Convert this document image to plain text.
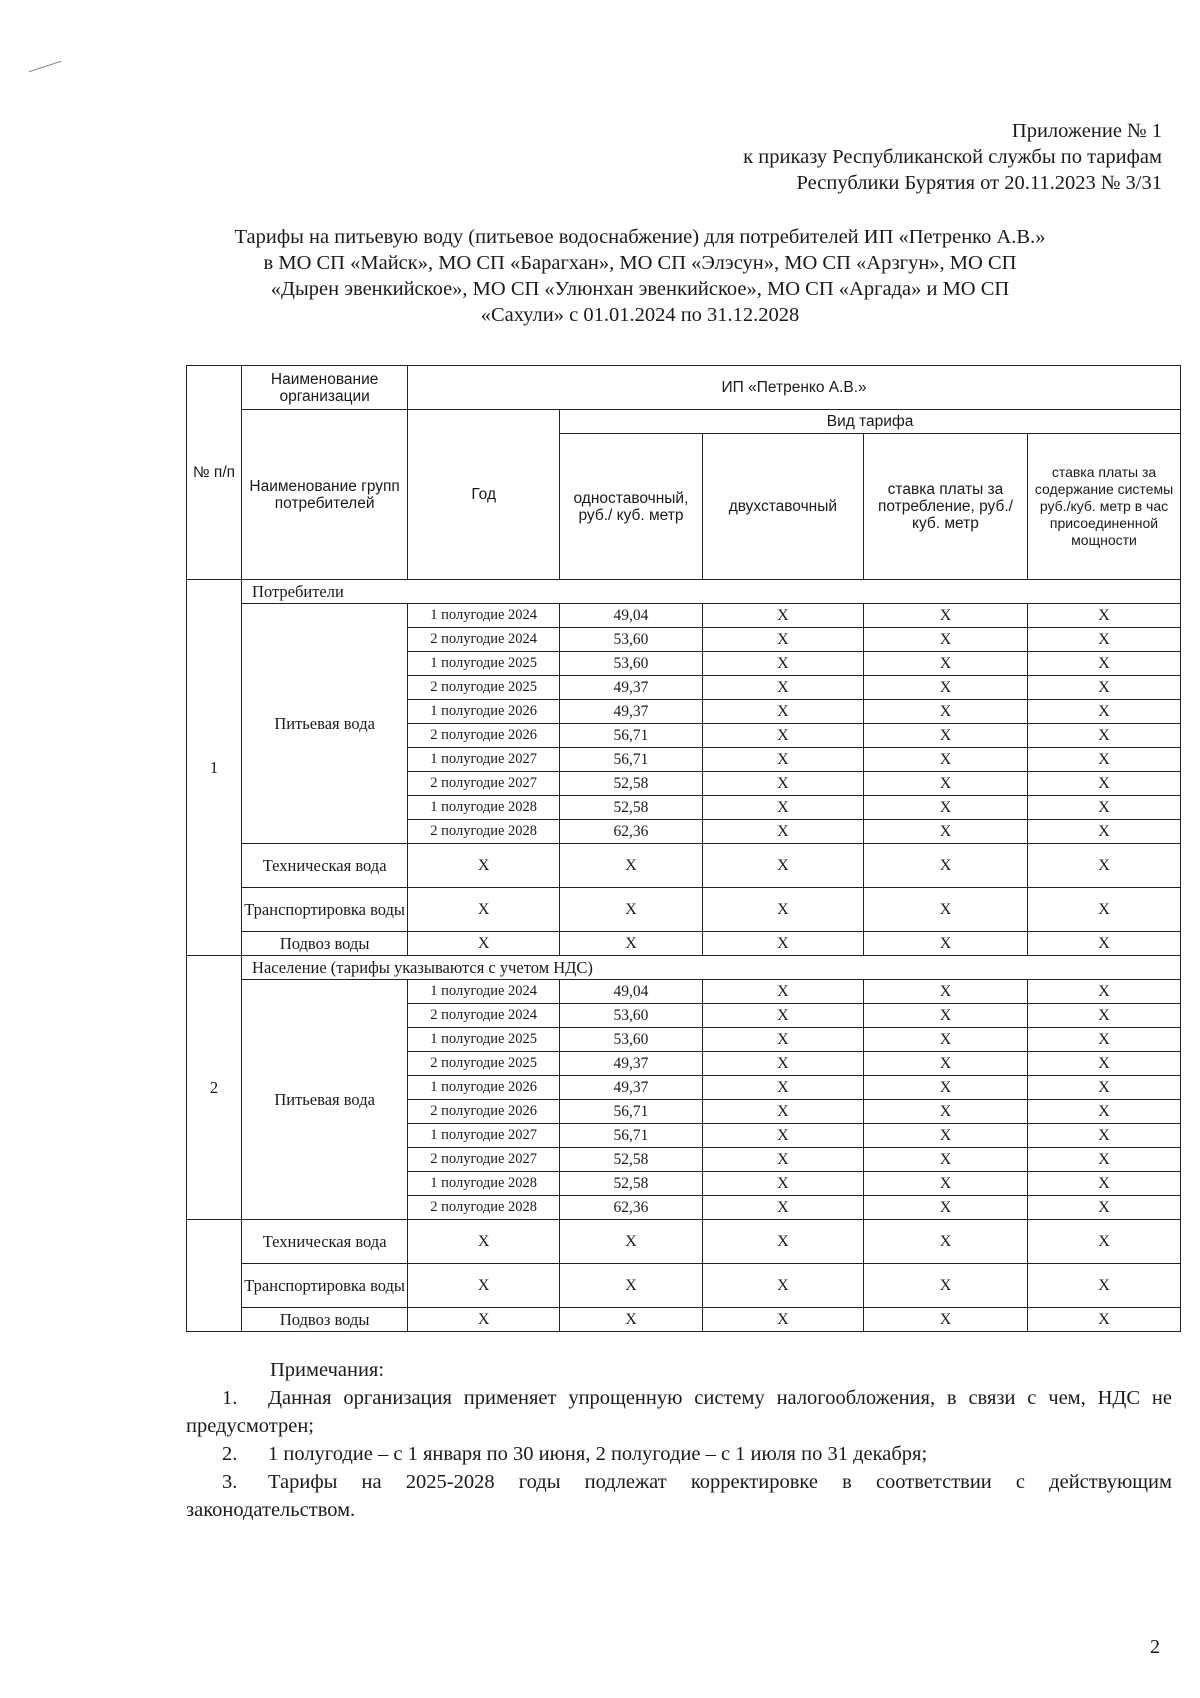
Приложение № 1
к приказу Республиканской службы по тарифам
Республики Бурятия от 20.11.2023 № 3/31
Тарифы на питьевую воду (питьевое водоснабжение) для потребителей ИП «Петренко А.В.»
в МО СП «Майск», МО СП «Барагхан», МО СП «Элэсун», МО СП «Арзгун», МО СП
«Дырен эвенкийское», МО СП «Улюнхан эвенкийское», МО СП «Аргада» и МО СП
«Сахули» с 01.01.2024 по 31.12.2028
№ п/п	Наименование организации	ИП «Петренко А.В.»				
	Наименование групп потребителей	Год	Вид тарифа			
			одноставочный, руб./ куб. метр	двухставочный	ставка платы за потребление, руб./ куб. метр	ставка платы за содержание системы руб./куб. метр в час присоединенной мощности
1	Потребители					
	Питьевая вода	1 полугодие 2024	49,04	X	X	X
		2 полугодие 2024	53,60	X	X	X
		1 полугодие 2025	53,60	X	X	X
		2 полугодие 2025	49,37	X	X	X
		1 полугодие 2026	49,37	X	X	X
		2 полугодие 2026	56,71	X	X	X
		1 полугодие 2027	56,71	X	X	X
		2 полугодие 2027	52,58	X	X	X
		1 полугодие 2028	52,58	X	X	X
		2 полугодие 2028	62,36	X	X	X
	Техническая вода	X	X	X	X	X
	Транспортировка воды	X	X	X	X	X
	Подвоз воды	X	X	X	X	X
2	Население (тарифы указываются с учетом НДС)					
	Питьевая вода	1 полугодие 2024	49,04	X	X	X
		2 полугодие 2024	53,60	X	X	X
		1 полугодие 2025	53,60	X	X	X
		2 полугодие 2025	49,37	X	X	X
		1 полугодие 2026	49,37	X	X	X
		2 полугодие 2026	56,71	X	X	X
		1 полугодие 2027	56,71	X	X	X
		2 полугодие 2027	52,58	X	X	X
		1 полугодие 2028	52,58	X	X	X
		2 полугодие 2028	62,36	X	X	X
	Техническая вода	X	X	X	X	X
	Транспортировка воды	X	X	X	X	X
	Подвоз воды	X	X	X	X	X
Примечания:
1. Данная организация применяет упрощенную систему налогообложения, в связи с чем, НДС не предусмотрен;
2. 1 полугодие – с 1 января по 30 июня, 2 полугодие – с 1 июля по 31 декабря;
3. Тарифы на 2025-2028 годы подлежат корректировке в соответствии с действующим законодательством.
2
